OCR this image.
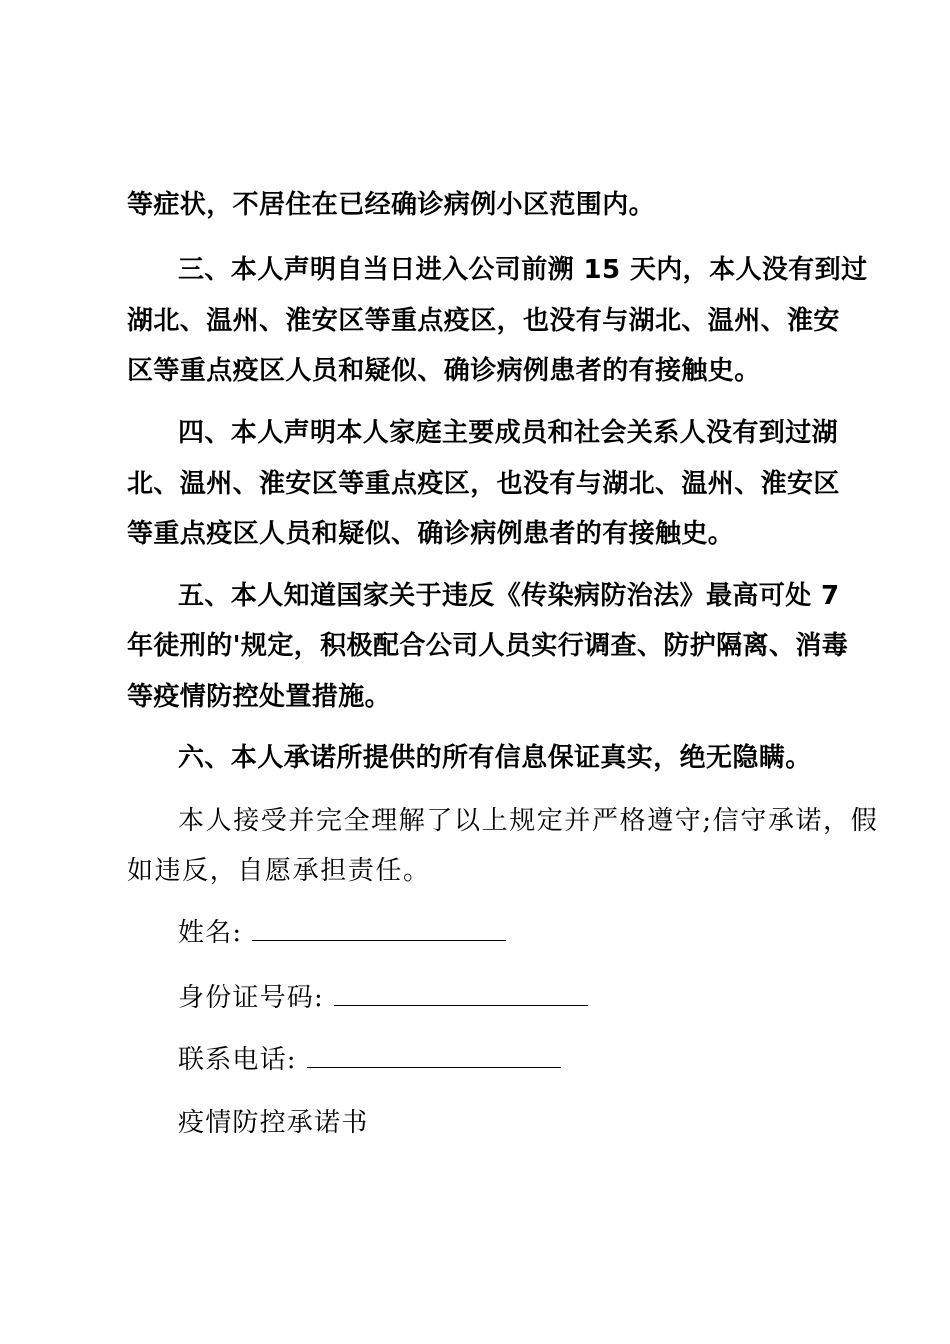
等症状，不居住在已经确诊病例小区范围内。
三、本人声明自当日进入公司前溯 15 天内，本人没有到过
湖北、温州、淮安区等重点疫区，也没有与湖北、温州、淮安
区等重点疫区人员和疑似、确诊病例患者的有接触史。
四、本人声明本人家庭主要成员和社会关系人没有到过湖
北、温州、淮安区等重点疫区，也没有与湖北、温州、淮安区
等重点疫区人员和疑似、确诊病例患者的有接触史。
五、本人知道国家关于违反《传染病防治法》最高可处 7
年徒刑的'规定，积极配合公司人员实行调查、防护隔离、消毒
等疫情防控处置措施。
六、本人承诺所提供的所有信息保证真实，绝无隐瞒。
本人接受并完全理解了以上规定并严格遵守;信守承诺，假
如违反，自愿承担责任。
姓名:
身份证号码:
联系电话:
疫情防控承诺书
